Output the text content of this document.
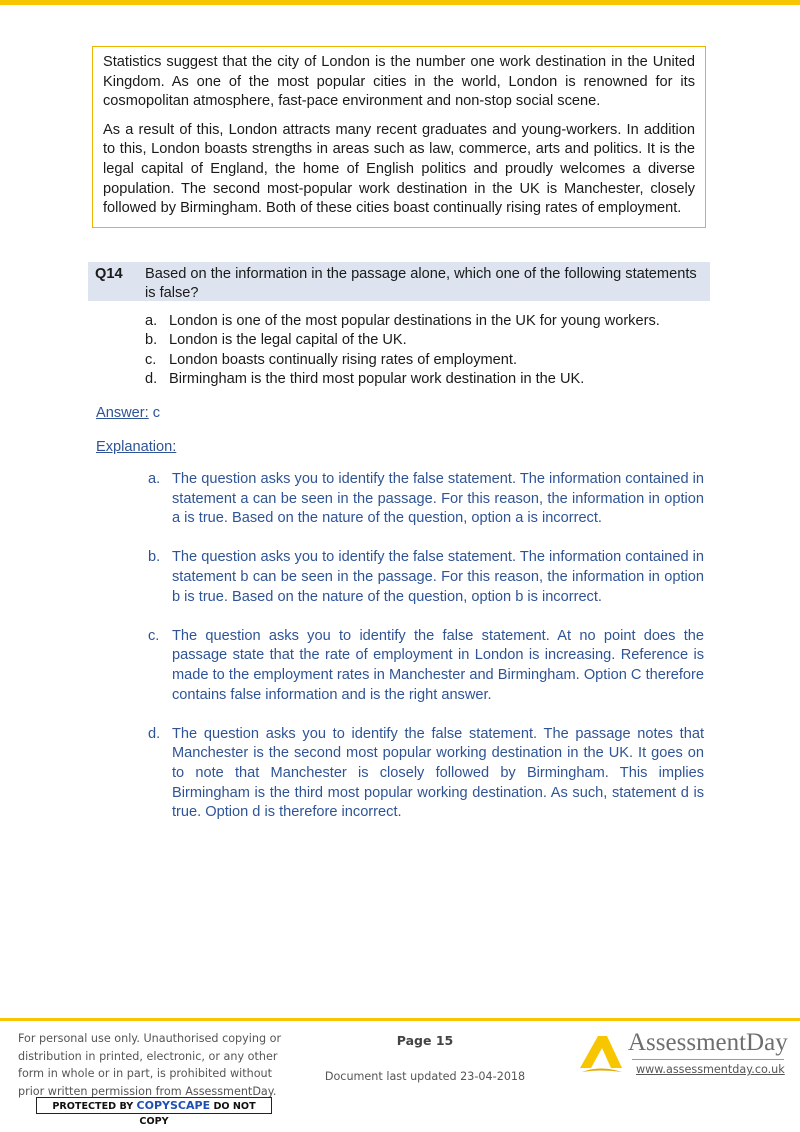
Statistics suggest that the city of London is the number one work destination in the United Kingdom. As one of the most popular cities in the world, London is renowned for its cosmopolitan atmosphere, fast-pace environment and non-stop social scene.

As a result of this, London attracts many recent graduates and young-workers. In addition to this, London boasts strengths in areas such as law, commerce, arts and politics. It is the legal capital of England, the home of English politics and proudly welcomes a diverse population. The second most-popular work destination in the UK is Manchester, closely followed by Birmingham. Both of these cities boast continually rising rates of employment.

Q14 Based on the information in the passage alone, which one of the following statements is false?
a. London is one of the most popular destinations in the UK for young workers.
b. London is the legal capital of the UK.
c. London boasts continually rising rates of employment.
d. Birmingham is the third most popular work destination in the UK.
Answer: c
Explanation:
a. The question asks you to identify the false statement. The information contained in statement a can be seen in the passage. For this reason, the information in option a is true. Based on the nature of the question, option a is incorrect.
b. The question asks you to identify the false statement. The information contained in statement b can be seen in the passage. For this reason, the information in option b is true. Based on the nature of the question, option b is incorrect.
c. The question asks you to identify the false statement. At no point does the passage state that the rate of employment in London is increasing. Reference is made to the employment rates in Manchester and Birmingham. Option C therefore contains false information and is the right answer.
d. The question asks you to identify the false statement. The passage notes that Manchester is the second most popular working destination in the UK. It goes on to note that Manchester is closely followed by Birmingham. This implies Birmingham is the third most popular working destination. As such, statement d is true. Option d is therefore incorrect.
For personal use only. Unauthorised copying or distribution in printed, electronic, or any other form in whole or in part, is prohibited without prior written permission from AssessmentDay.
PROTECTED BY COPYSCAPE DO NOT COPY
Page 15
Document last updated 23-04-2018
AssessmentDay
www.assessmentday.co.uk
